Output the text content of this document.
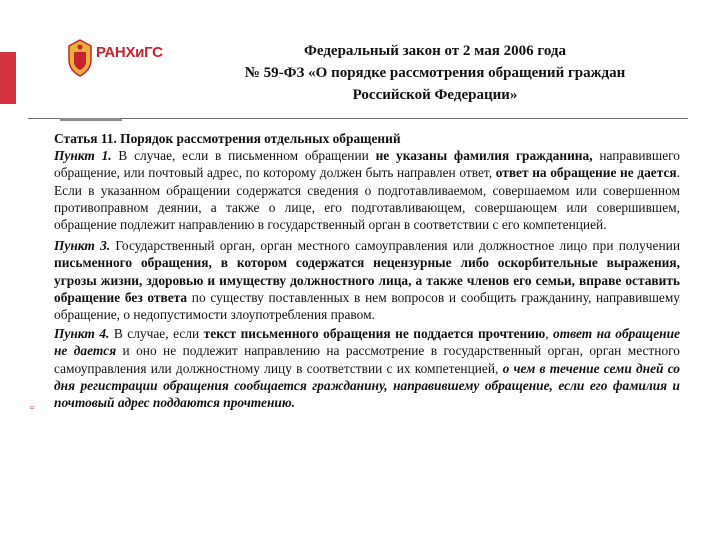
РАНХиГС	Федеральный закон от 2 мая 2006 года
№ 59-ФЗ «О порядке рассмотрения обращений граждан
Российской Федерации»
▫

Статья 11. Порядок рассмотрения отдельных обращений

Пункт 1. В случае, если в письменном обращении не указаны фамилия гражданина, направившего обращение, или почтовый адрес, по которому должен быть направлен ответ, ответ на обращение не дается. Если в указанном обращении содержатся сведения о подготавливаемом, совершаемом или совершенном противоправном деянии, а также о лице, его подготавливающем, совершающем или совершившем, обращение подлежит направлению в государственный орган в соответствии с его компетенцией.

Пункт 3. Государственный орган, орган местного самоуправления или должностное лицо при получении письменного обращения, в котором содержатся нецензурные либо оскорбительные выражения, угрозы жизни, здоровью и имуществу должностного лица, а также членов его семьи, вправе оставить обращение без ответа по существу поставленных в нем вопросов и сообщить гражданину, направившему обращение, о недопустимости злоупотребления правом.

Пункт 4. В случае, если текст письменного обращения не поддается прочтению, ответ на обращение не дается и оно не подлежит направлению на рассмотрение в государственный орган, орган местного самоуправления или должностному лицу в соответствии с их компетенцией, о чем в течение семи дней со дня регистрации обращения сообщается гражданину, направившему обращение, если его фамилия и почтовый адрес поддаются прочтению.
